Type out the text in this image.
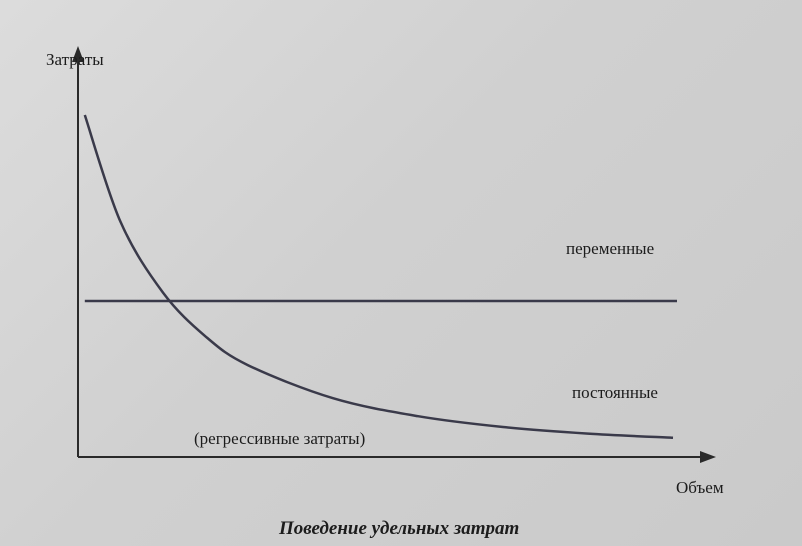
Затраты
Объем
переменные
постоянные
(регрессивные затраты)
Поведение удельных затрат
